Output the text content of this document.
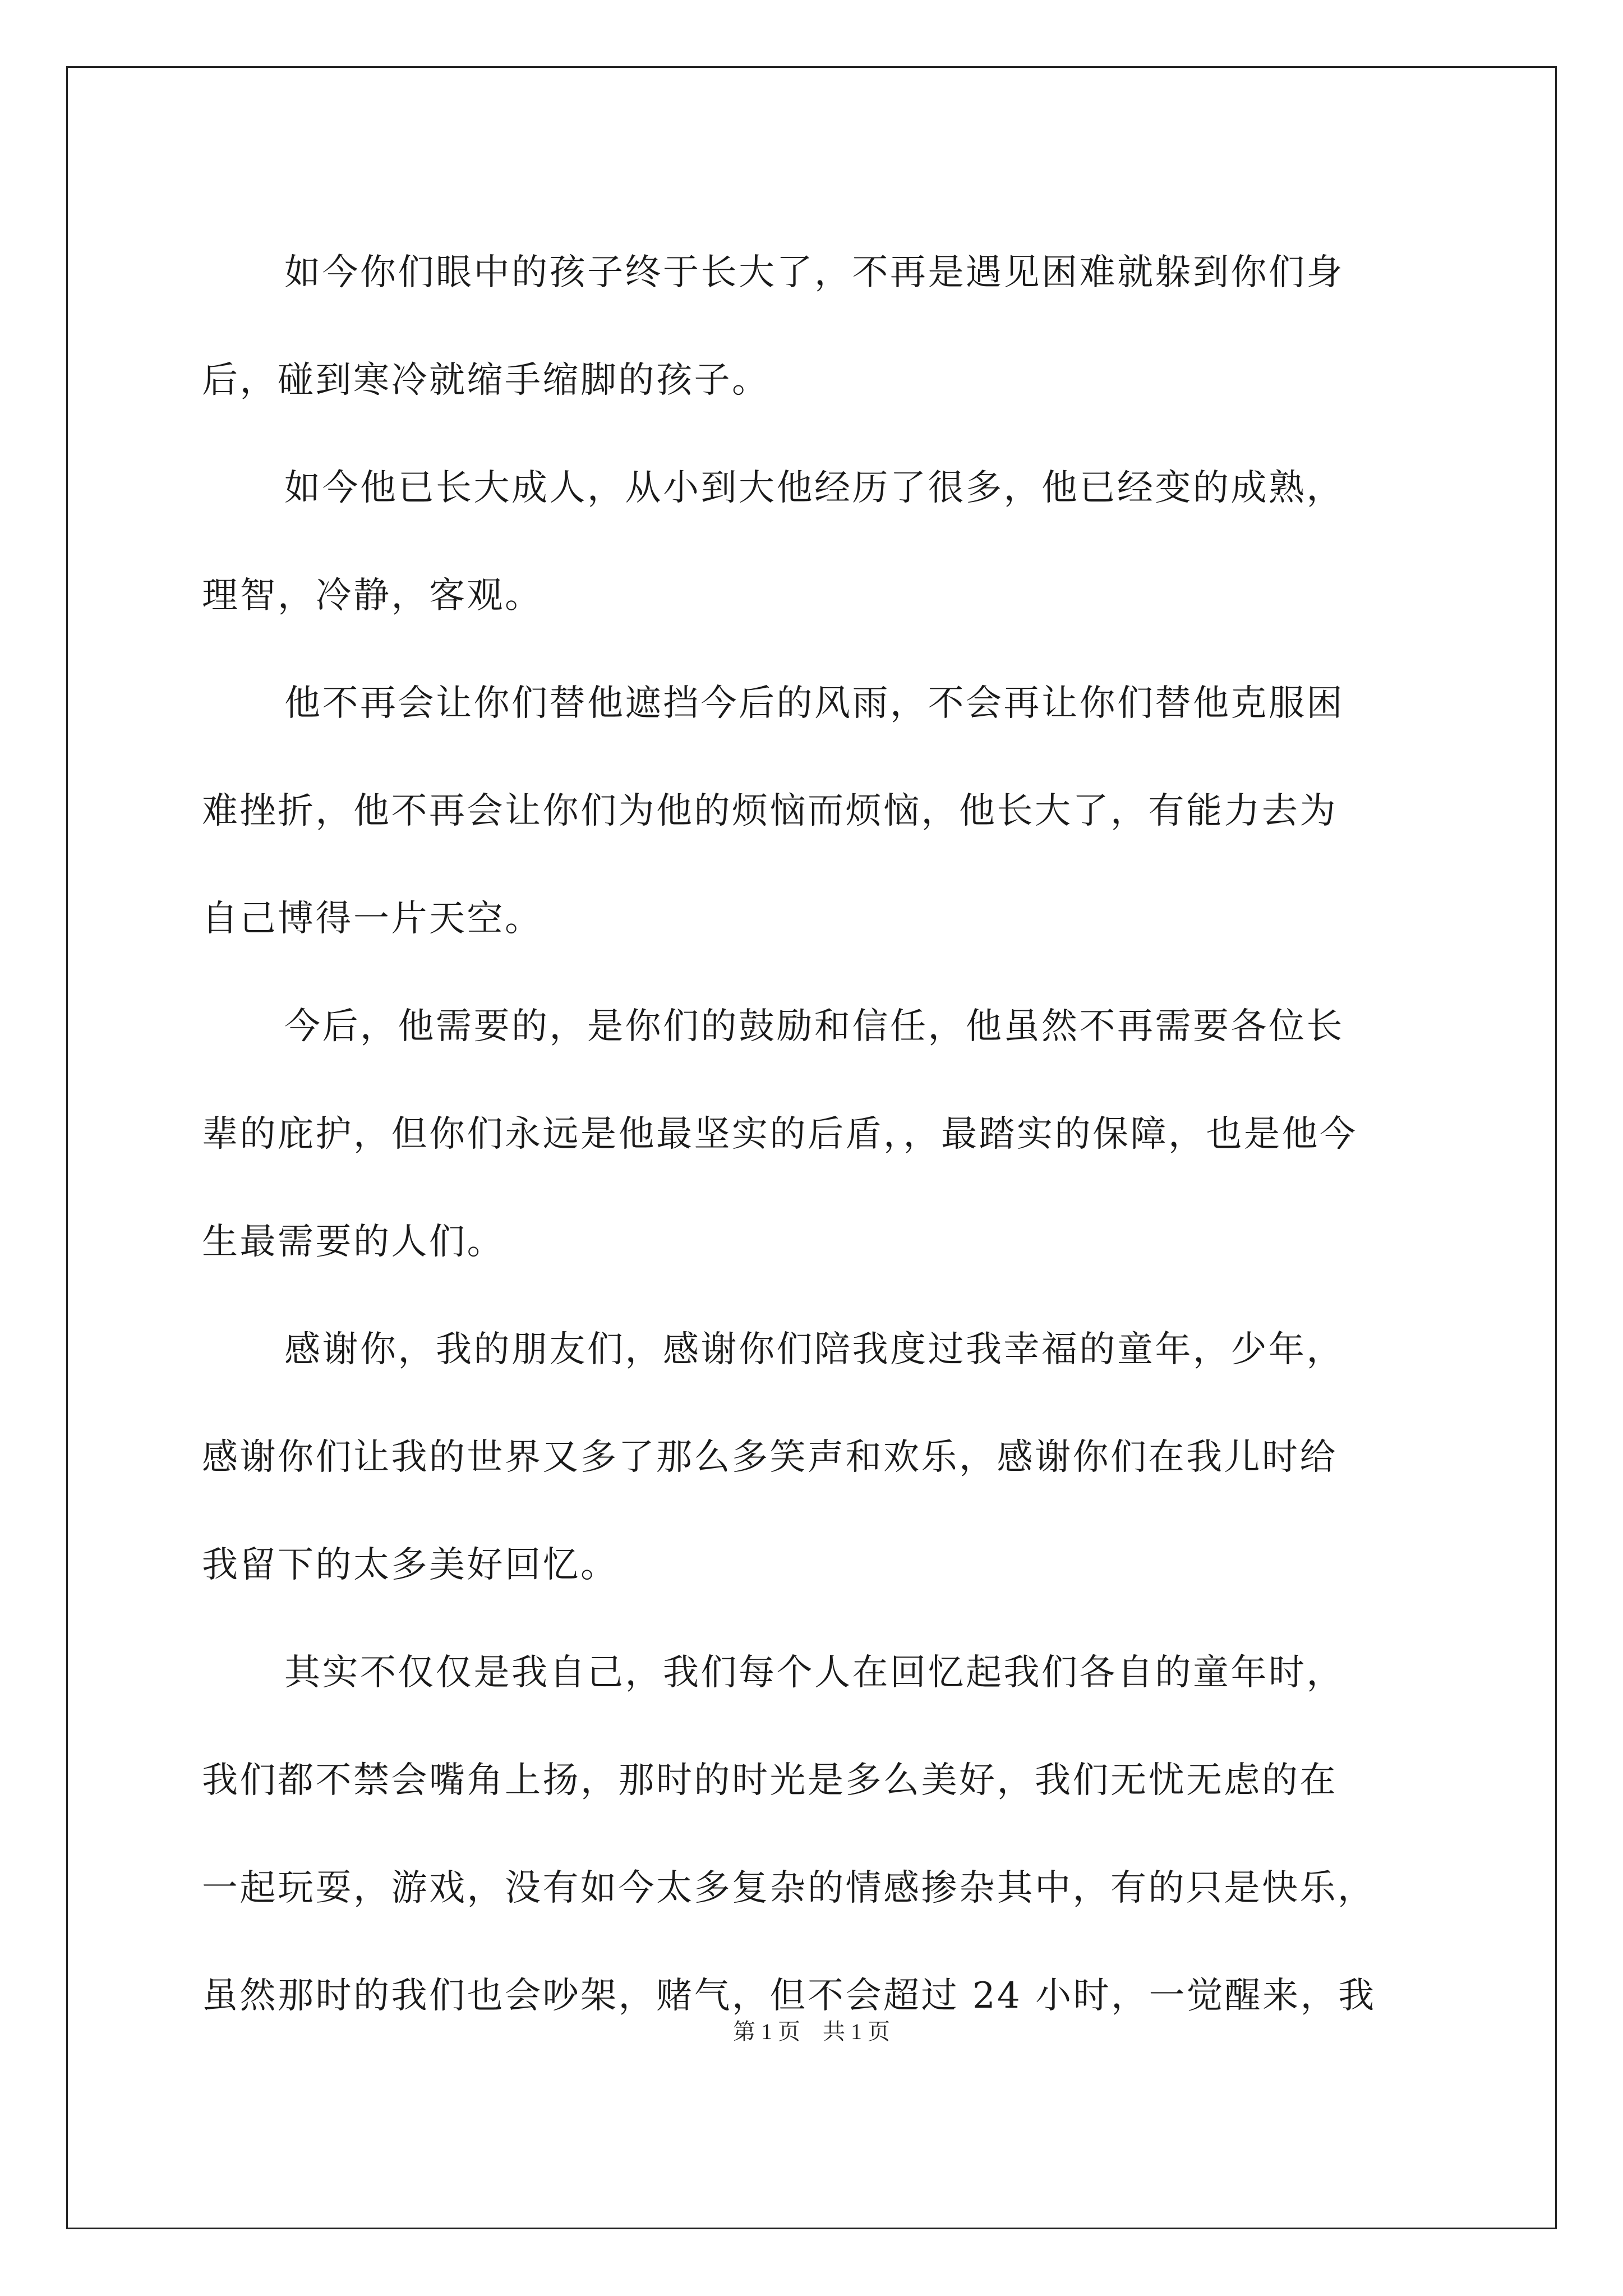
如今你们眼中的孩子终于长大了，不再是遇见困难就躲到你们身
后，碰到寒冷就缩手缩脚的孩子。
如今他已长大成人，从小到大他经历了很多，他已经变的成熟，
理智，冷静，客观。
他不再会让你们替他遮挡今后的风雨，不会再让你们替他克服困
难挫折，他不再会让你们为他的烦恼而烦恼，他长大了，有能力去为
自己博得一片天空。
今后，他需要的，是你们的鼓励和信任，他虽然不再需要各位长
辈的庇护，但你们永远是他最坚实的后盾，，最踏实的保障，也是他今
生最需要的人们。
感谢你，我的朋友们，感谢你们陪我度过我幸福的童年，少年，
感谢你们让我的世界又多了那么多笑声和欢乐，感谢你们在我儿时给
我留下的太多美好回忆。
其实不仅仅是我自己，我们每个人在回忆起我们各自的童年时，
我们都不禁会嘴角上扬，那时的时光是多么美好，我们无忧无虑的在
一起玩耍，游戏，没有如今太多复杂的情感掺杂其中，有的只是快乐，
虽然那时的我们也会吵架，赌气，但不会超过 24 小时，一觉醒来，我
第 1 页　共 1 页
